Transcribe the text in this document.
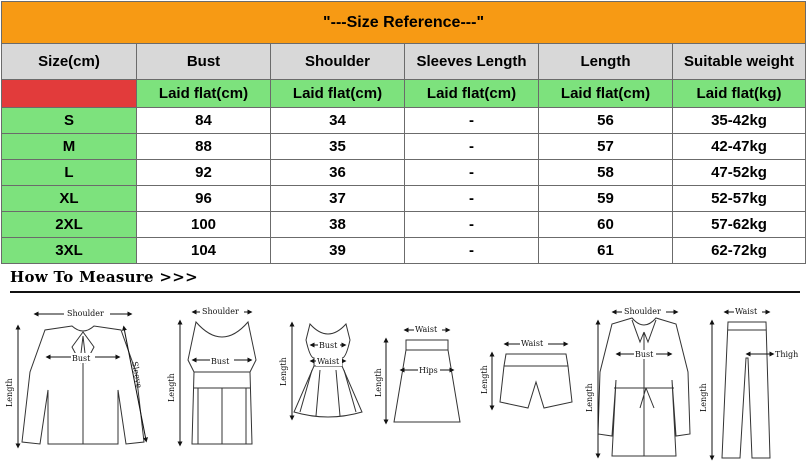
"---Size Reference---"					
Size(cm)	Bust	Shoulder	Sleeves Length	Length	Suitable weight
	Laid flat(cm)	Laid flat(cm)	Laid flat(cm)	Laid flat(cm)	Laid flat(kg)
S	84	34	-	56	35-42kg
M	88	35	-	57	42-47kg
L	92	36	-	58	47-52kg
XL	96	37	-	59	52-57kg
2XL	100	38	-	60	57-62kg
3XL	104	39	-	61	62-72kg
How To Measure >>>
Shoulder
Bust
Length
Sleeve
Shoulder
Bust
Length
Bust
Waist
Length
Waist
Hips
Length
Waist
Length
Shoulder
Bust
Length
Waist
Thigh
Length
